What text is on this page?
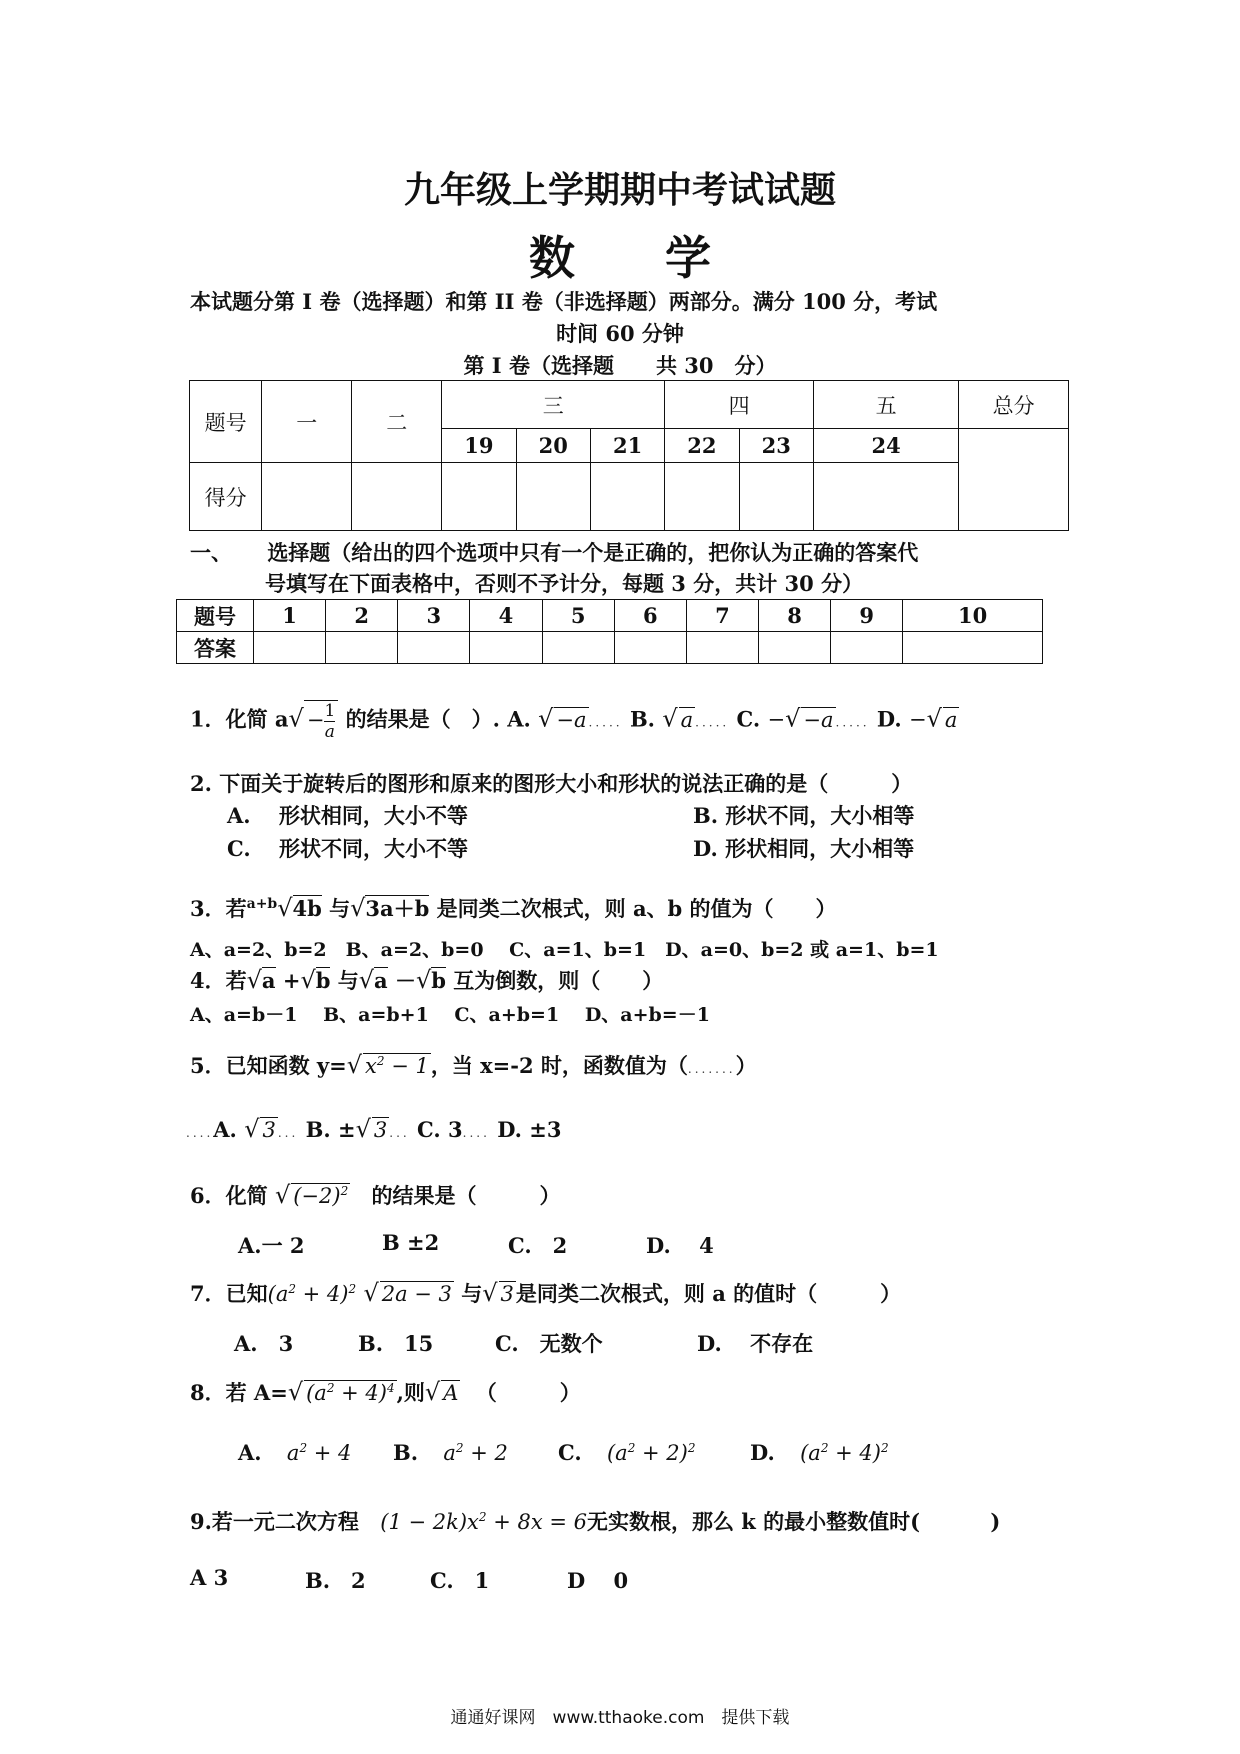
九年级上学期期中考试试题
数学
本试题分第 I 卷（选择题）和第 II 卷（非选择题）两部分。满分 100 分，考试
时间 60 分钟
第 I 卷（选择题　　共 30　分）
题号	一	二	三			四		五	总分
			19	20	21	22	23	24	
得分									
一、 选择题（给出的四个选项中只有一个是正确的，把你认为正确的答案代
号填写在下面表格中，否则不予计分，每题 3 分，共计 30 分）
题号	1	2	3	4	5	6	7	8	9	10
答案										
1．化简 $a√ - \frac{1}{a}$ 的结果是（　）. A. √ −a ..... B. √ a ..... C. −√ −a ..... D. −√ a
2. 下面关于旋转后的图形和原来的图形大小和形状的说法正确的是（　　　）
A.　 形状相同，大小不等	B. 形状不同，大小相等
C.　 形状不同，大小不等	D. 形状相同，大小相等
3．若$^{a+b}$√4b 与√3a＋b 是同类二次根式，则 a、b 的值为（　　）
A、a=2、b=2　B、a=2、b=0　 C、a=1、b=1　D、a=0、b=2 或 a=1、b=1
4．若√a +√b 与√a －√b 互为倒数，则（　　）
A、a=b－1　 B、a=b+1　 C、a+b=1　 D、a+b=－1
5．已知函数 y=√ $x^2 - 1$，当 x=-2 时，函数值为（.......）
....A. √ 3 ... B. ±√ 3 ... C. 3.... D. ±3
6．化简 √ $(-2)^2$ 的结果是（　　　）
A.一 2	B ±2	C.　2	D.　 4
7．已知$(a^2 + 4)^2$ √ 2a − 3 与√ 3是同类二次根式，则 a 的值时（　　　）
A.　3	B.　15	C.　无数个	D.　 不存在
8．若 A=√ $(a^2 + 4)^4$,则√ A （　　　）
A. $a^2 + 4$ B. $a^2 + 2$ C. $(a^2 + 2)^2$	D. $(a^2 + 4)^2$
9.若一元二次方程 $(1 - 2k)x^2 + 8x = 6$无实数根，那么 k 的最小整数值时(　　　 )
A 3	B.　2	C.　1	D　 0
通通好课网　www.tthaoke.com　提供下载
